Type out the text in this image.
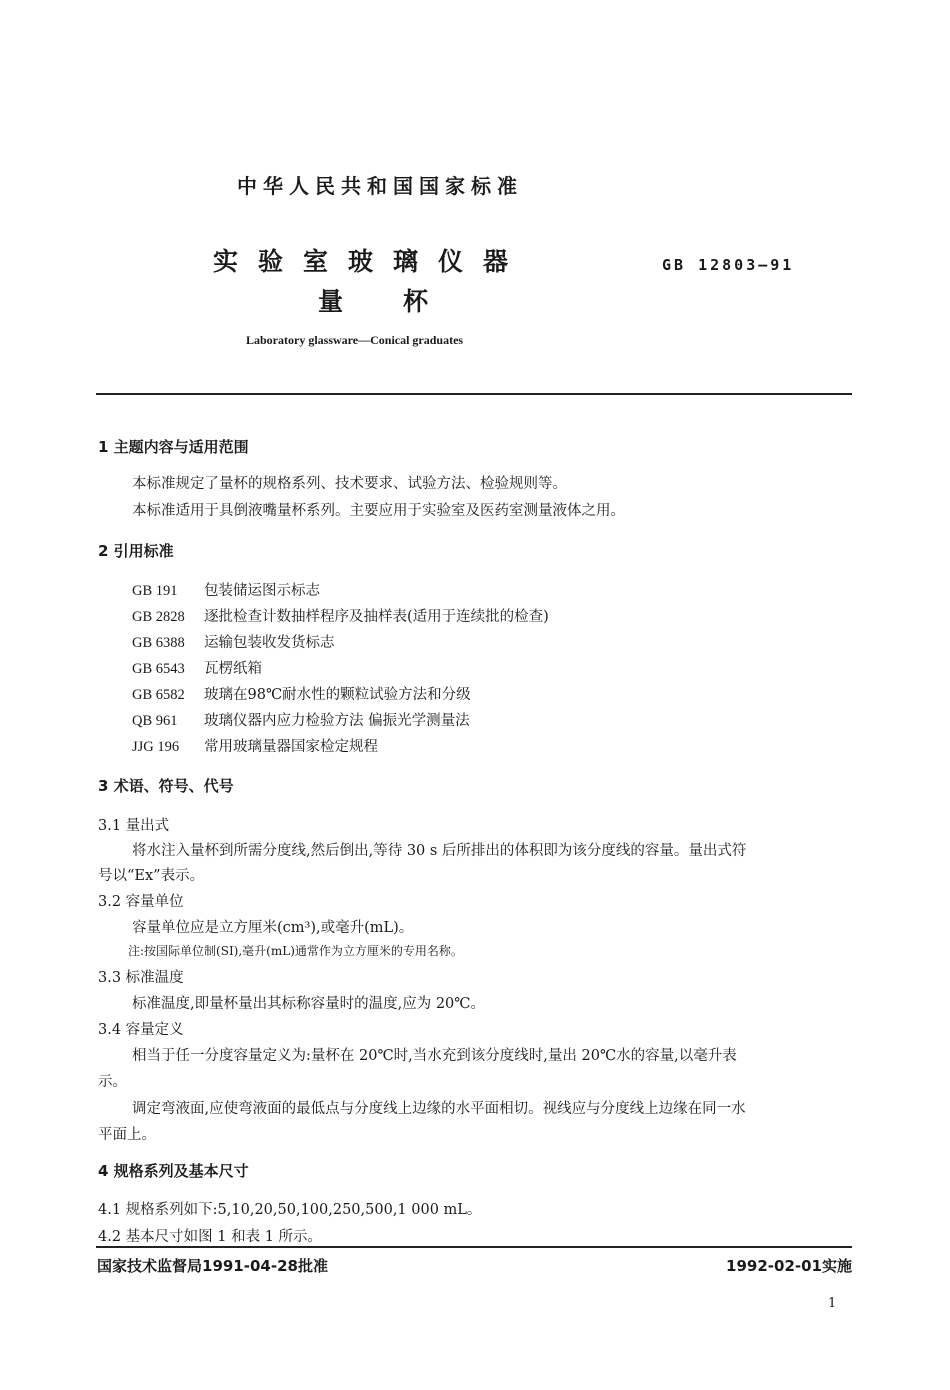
中华人民共和国国家标准
实验室玻璃仪器
量杯
GB 12803—91
Laboratory glassware—Conical graduates
1 主题内容与适用范围
本标准规定了量杯的规格系列、技术要求、试验方法、检验规则等。
本标准适用于具倒液嘴量杯系列。主要应用于实验室及医药室测量液体之用。
2 引用标准
GB 191 包装储运图示标志
GB 2828 逐批检查计数抽样程序及抽样表(适用于连续批的检查)
GB 6388 运输包装收发货标志
GB 6543 瓦楞纸箱
GB 6582 玻璃在98℃耐水性的颗粒试验方法和分级
QB 961 玻璃仪器内应力检验方法 偏振光学测量法
JJG 196 常用玻璃量器国家检定规程
3 术语、符号、代号
3.1 量出式
将水注入量杯到所需分度线,然后倒出,等待 30 s 后所排出的体积即为该分度线的容量。量出式符
号以“Ex”表示。
3.2 容量单位
容量单位应是立方厘米(cm³),或毫升(mL)。
注:按国际单位制(SI),毫升(mL)通常作为立方厘米的专用名称。
3.3 标准温度
标准温度,即量杯量出其标称容量时的温度,应为 20℃。
3.4 容量定义
相当于任一分度容量定义为:量杯在 20℃时,当水充到该分度线时,量出 20℃水的容量,以毫升表
示。
调定弯液面,应使弯液面的最低点与分度线上边缘的水平面相切。视线应与分度线上边缘在同一水
平面上。
4 规格系列及基本尺寸
4.1 规格系列如下:5,10,20,50,100,250,500,1 000 mL。
4.2 基本尺寸如图 1 和表 1 所示。
国家技术监督局1991-04-28批准	1992-02-01实施
1
